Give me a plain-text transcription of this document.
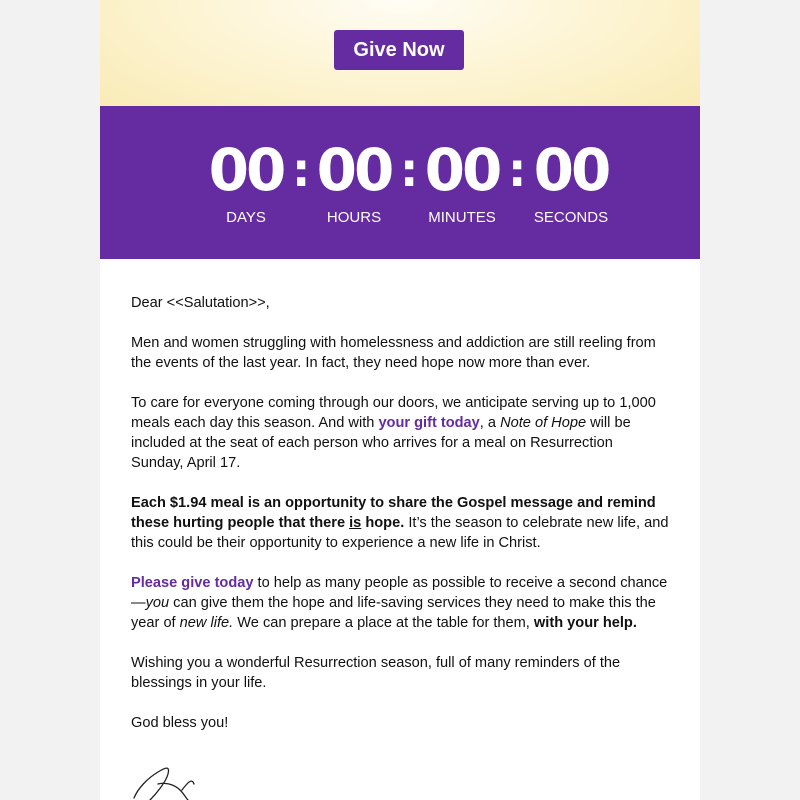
Give Now
00
DAYS
: 00
HOURS
: 00
MINUTES
: 00
SECONDS

Dear <<Salutation>>,

Men and women struggling with homelessness and addiction are still reeling from the events of the last year. In fact, they need hope now more than ever.

To care for everyone coming through our doors, we anticipate serving up to 1,000 meals each day this season. And with your gift today, a Note of Hope will be included at the seat of each person who arrives for a meal on Resurrection Sunday, April 17.

Each $1.94 meal is an opportunity to share the Gospel message and remind these hurting people that there is hope. It’s the season to celebrate new life, and this could be their opportunity to experience a new life in Christ.

Please give today to help as many people as possible to receive a second chance—you can give them the hope and life-saving services they need to make this the year of new life. We can prepare a place at the table for them, with your help.

Wishing you a wonderful Resurrection season, full of many reminders of the blessings in your life.

God bless you!
